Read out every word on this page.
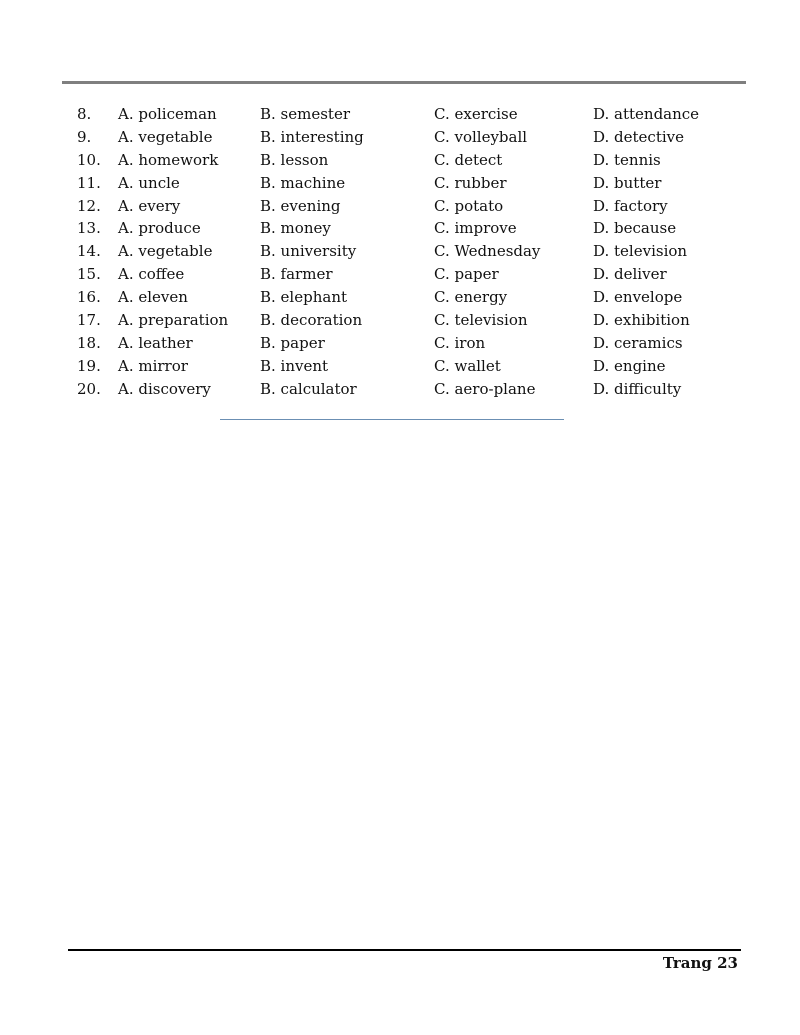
8. A. policeman	B. semester	C. exercise	D. attendance
9. A. vegetable	B. interesting	C. volleyball	D. detective
10. A. homework	B. lesson	C. detect	D. tennis
11. A. uncle	B. machine	C. rubber	D. butter
12. A. every	B. evening	C. potato	D. factory
13. A. produce	B. money	C. improve	D. because
14. A. vegetable	B. university	C. Wednesday	D. television
15. A. coffee	B. farmer	C. paper	D. deliver
16. A. eleven	B. elephant	C. energy	D. envelope
17. A. preparation B. decoration	C. television	D. exhibition
18. A. leather	B. paper	C. iron	D. ceramics
19. A. mirror	B. invent	C. wallet	D. engine
20. A. discovery	B. calculator	C. aero-plane	D. difficulty
Trang 23
